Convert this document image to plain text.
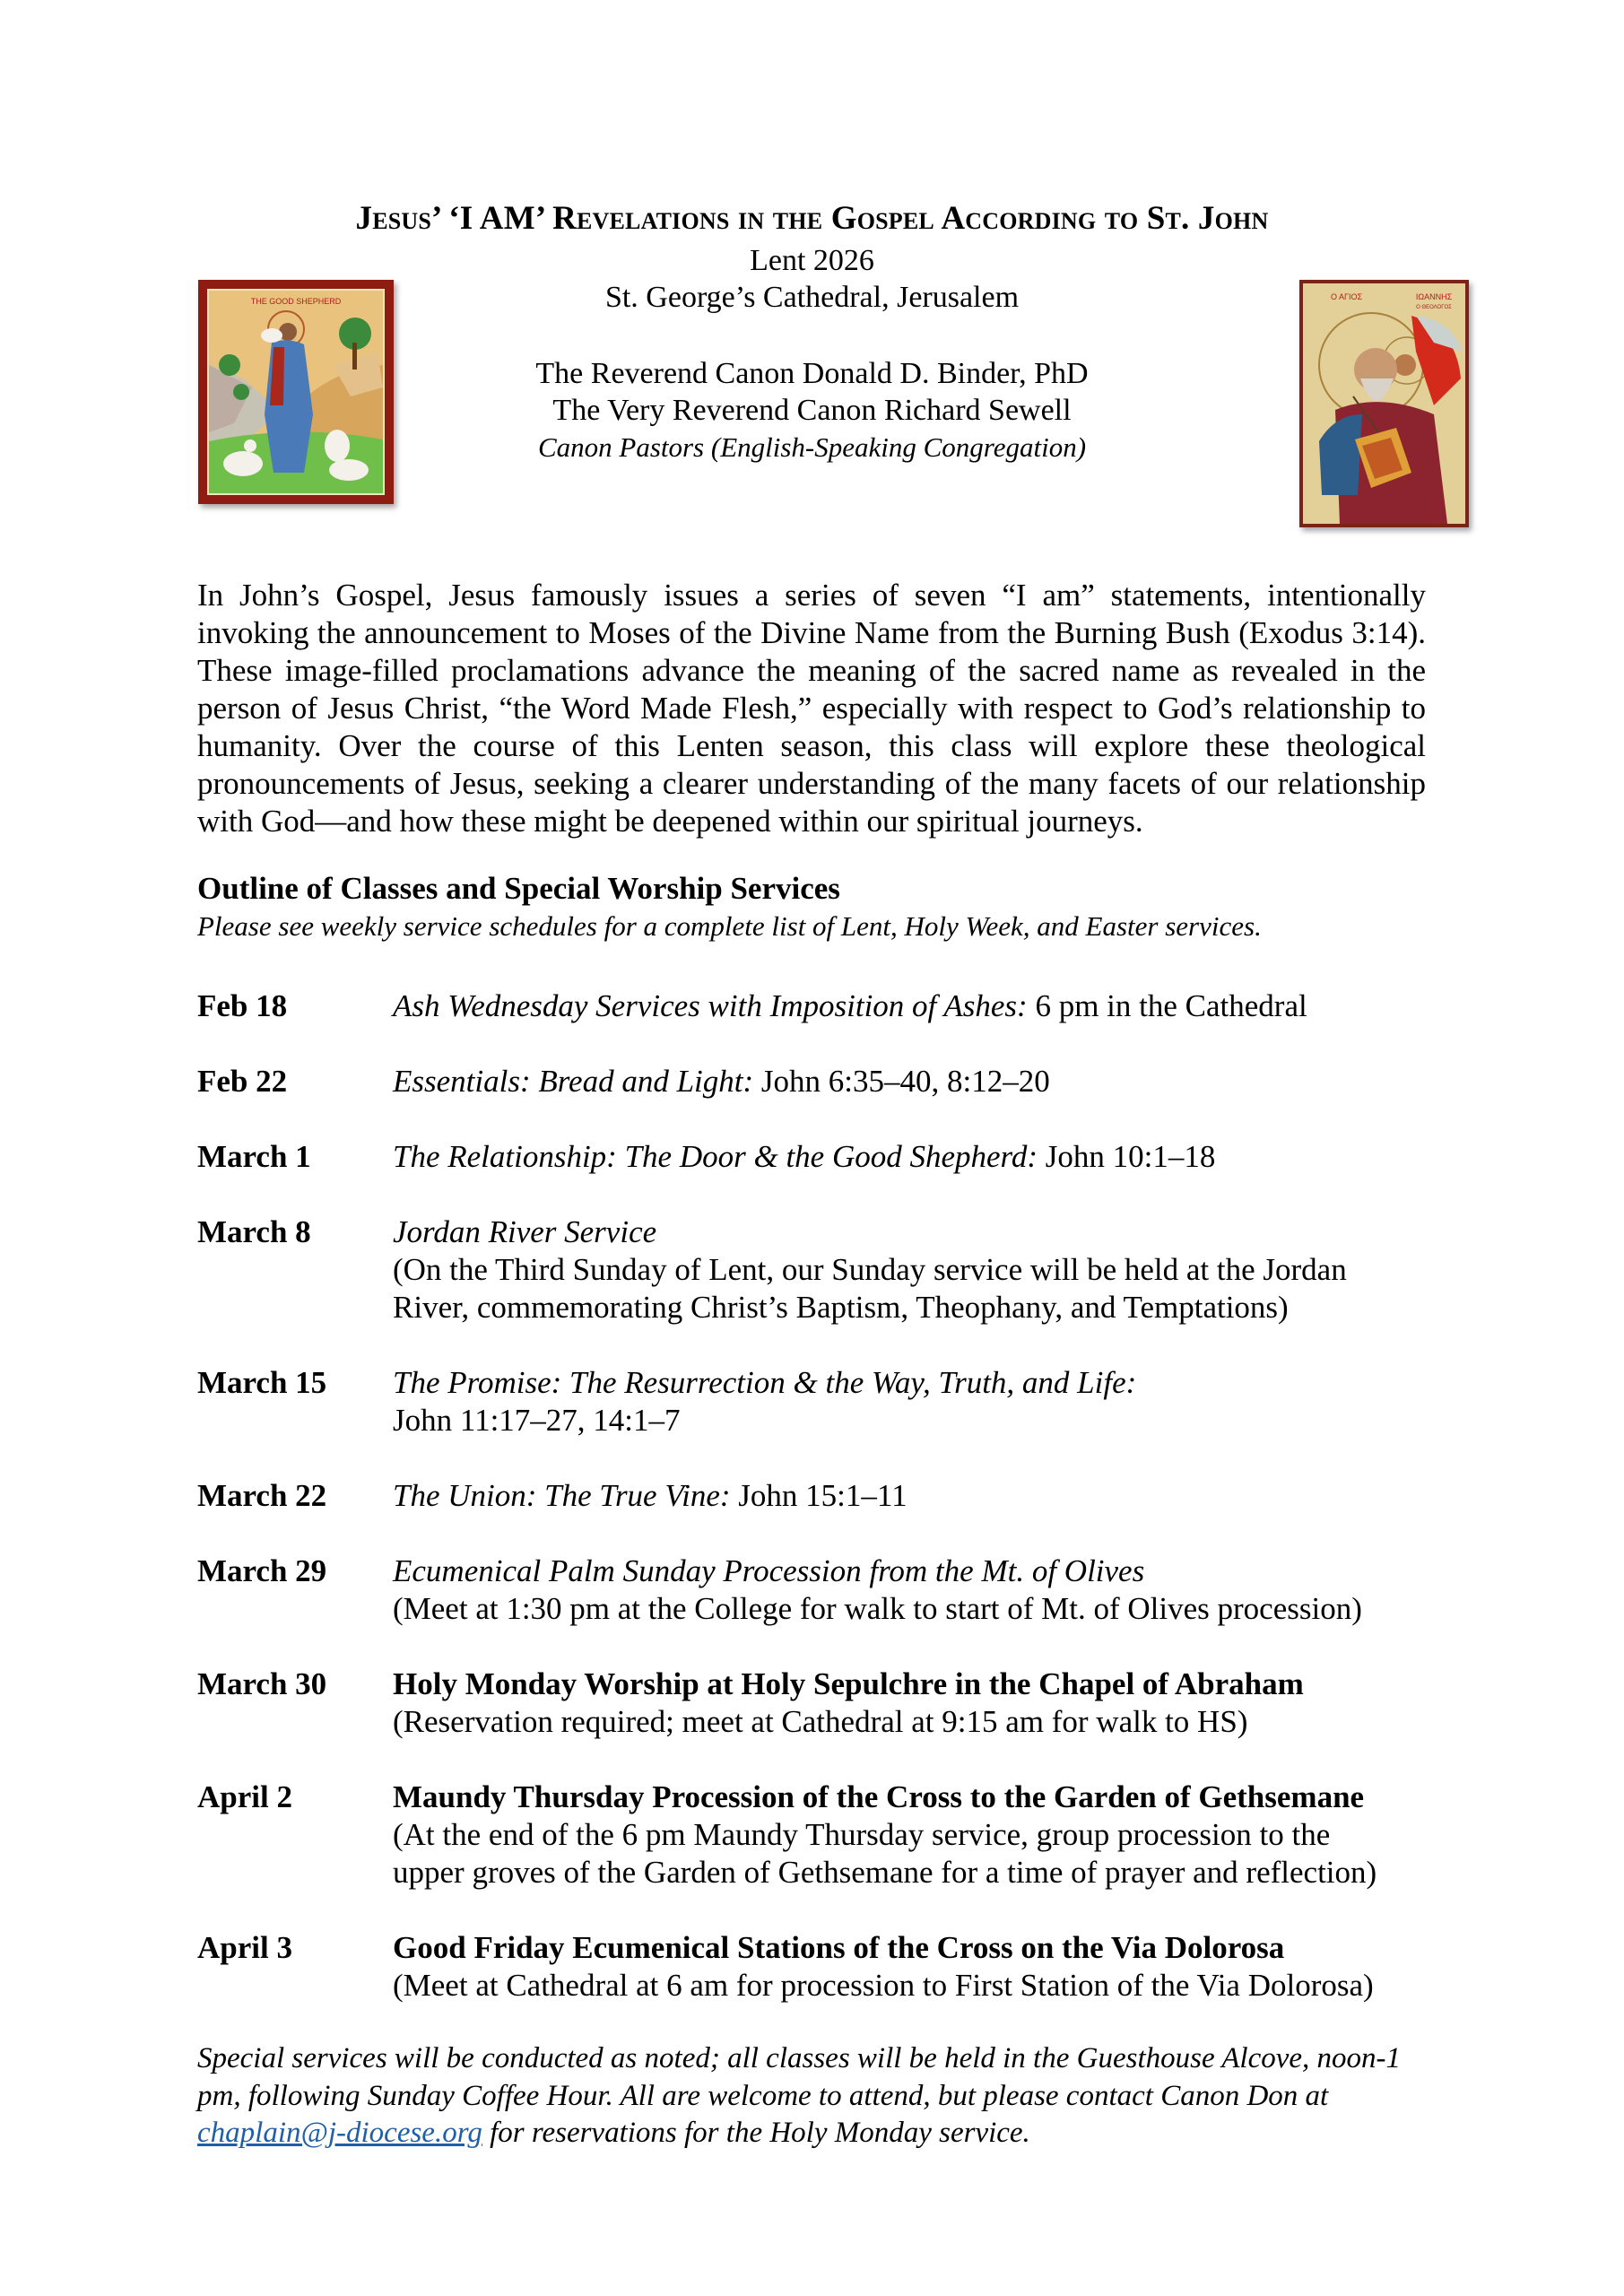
Jesus’ ‘I AM’ Revelations in the Gospel According to St. John
Lent 2026
St. George’s Cathedral, Jerusalem
The Reverend Canon Donald D. Binder, PhD
The Very Reverend Canon Richard Sewell
Canon Pastors (English-Speaking Congregation)
THE GOOD SHEPHERD	Ο ΑΓΙΟΣ	ΙΩΑΝΝΗΣ
Ο ΘΕΟΛΟΓΟΣ
In John’s Gospel, Jesus famously issues a series of seven “I am” statements, intentionally invoking the announcement to Moses of the Divine Name from the Burning Bush (Exodus 3:14). These image-filled proclamations advance the meaning of the sacred name as revealed in the person of Jesus Christ, “the Word Made Flesh,” especially with respect to God’s relationship to humanity. Over the course of this Lenten season, this class will explore these theological pronouncements of Jesus, seeking a clearer understanding of the many facets of our relationship with God—and how these might be deepened within our spiritual journeys.
Outline of Classes and Special Worship Services
Please see weekly service schedules for a complete list of Lent, Holy Week, and Easter services.
Feb 18	Ash Wednesday Services with Imposition of Ashes: 6 pm in the Cathedral
Feb 22	Essentials: Bread and Light: John 6:35–40, 8:12–20
March 1	The Relationship: The Door & the Good Shepherd: John 10:1–18
March 8	Jordan River Service
(On the Third Sunday of Lent, our Sunday service will be held at the Jordan
River, commemorating Christ’s Baptism, Theophany, and Temptations)
March 15	The Promise: The Resurrection & the Way, Truth, and Life:
John 11:17–27, 14:1–7
March 22	The Union: The True Vine: John 15:1–11
March 29	Ecumenical Palm Sunday Procession from the Mt. of Olives
(Meet at 1:30 pm at the College for walk to start of Mt. of Olives procession)
March 30	Holy Monday Worship at Holy Sepulchre in the Chapel of Abraham
(Reservation required; meet at Cathedral at 9:15 am for walk to HS)
April 2	Maundy Thursday Procession of the Cross to the Garden of Gethsemane
(At the end of the 6 pm Maundy Thursday service, group procession to the
upper groves of the Garden of Gethsemane for a time of prayer and reflection)
April 3	Good Friday Ecumenical Stations of the Cross on the Via Dolorosa
(Meet at Cathedral at 6 am for procession to First Station of the Via Dolorosa)
Special services will be conducted as noted; all classes will be held in the Guesthouse Alcove, noon-1 pm, following Sunday Coffee Hour. All are welcome to attend, but please contact Canon Don at chaplain@j-diocese.org for reservations for the Holy Monday service.
